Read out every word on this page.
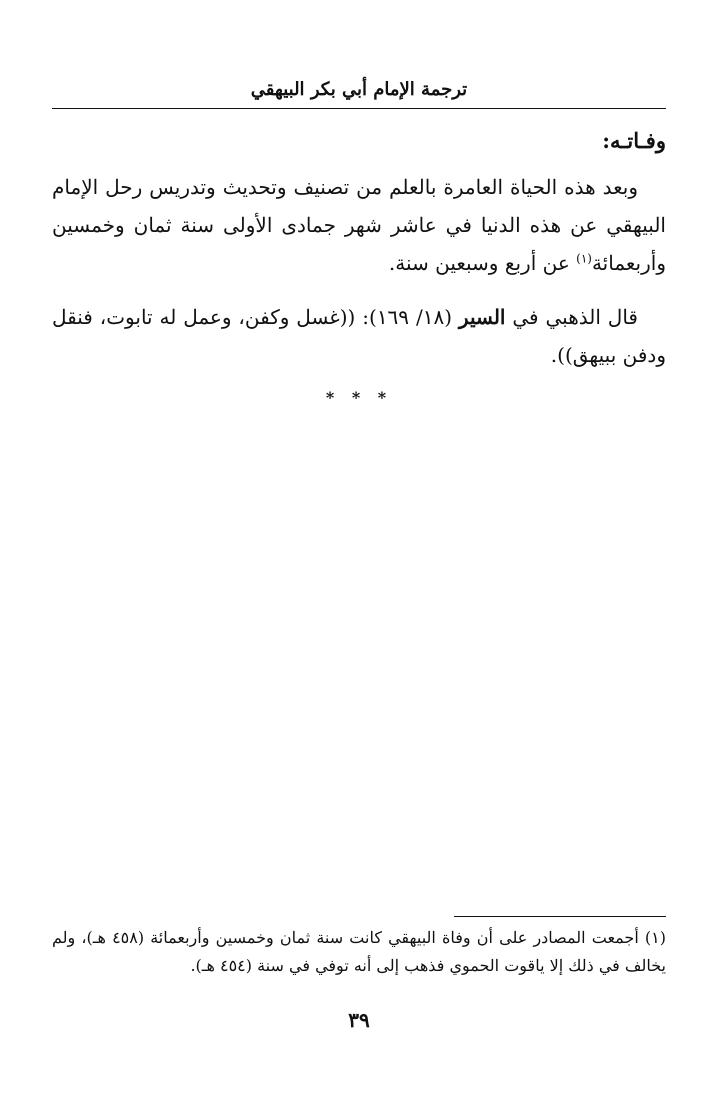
ترجمة الإمام أبي بكر البيهقي

وفـاتـه:

وبعد هذه الحياة العامرة بالعلم من تصنيف وتحديث وتدريس رحل الإمام البيهقي عن هذه الدنيا في عاشر شهر جمادى الأولى سنة ثمان وخمسين وأربعمائة$^{(١)}$ عن أربع وسبعين سنة.

قال الذهبي في السير (١٨/ ١٦٩): ((غسل وكفن، وعمل له تابوت، فنقل ودفن ببيهق)).

* * *

(١) أجمعت المصادر على أن وفاة البيهقي كانت سنة ثمان وخمسين وأربعمائة (٤٥٨ هـ)، ولم يخالف في ذلك إلا ياقوت الحموي فذهب إلى أنه توفي في سنة (٤٥٤ هـ).

٣٩
